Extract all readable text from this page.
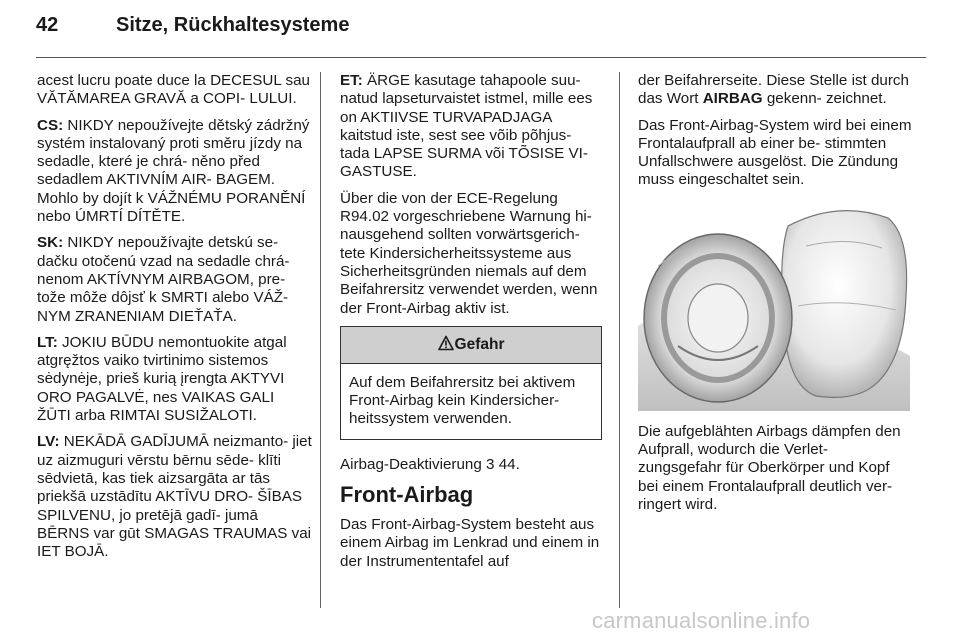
42	Sitze, Rückhaltesysteme

acest lucru poate duce la DECESUL sau VĂTĂMAREA GRAVĂ a COPI- LULUI.

CS: NIKDY nepoužívejte dětský zádržný systém instalovaný proti směru jízdy na sedadle, které je chrá- něno před sedadlem AKTIVNÍM AIR- BAGEM. Mohlo by dojít k VÁŽNÉMU PORANĚNÍ nebo ÚMRTÍ DÍTĚTE.

SK: NIKDY nepoužívajte detskú se- dačku otočenú vzad na sedadle chrá- nenom AKTÍVNYM AIRBAGOM, pre- tože môže dôjsť k SMRTI alebo VÁŽ- NYM ZRANENIAM DIEŤAŤA.

LT: JOKIU BŪDU nemontuokite atgal atgręžtos vaiko tvirtinimo sistemos sėdynėje, prieš kurią įrengta AKTYVI ORO PAGALVĖ, nes VAIKAS GALI ŽŪTI arba RIMTAI SUSIŽALOTI.

LV: NEKĀDĀ GADĪJUMĀ neizmanto- jiet uz aizmuguri vērstu bērnu sēde- klīti sēdvietā, kas tiek aizsargāta ar tās priekšā uzstādītu AKTĪVU DRO- ŠĪBAS SPILVENU, jo pretējā gadī- jumā BĒRNS var gūt SMAGAS TRAUMAS vai IET BOJĀ.

ET: ÄRGE kasutage tahapoole suu- natud lapseturvaistet istmel, mille ees on AKTIIVSE TURVAPADJAGA kaitstud iste, sest see võib põhjus- tada LAPSE SURMA või TÕSISE VI- GASTUSE.

Über die von der ECE-Regelung R94.02 vorgeschriebene Warnung hi- nausgehend sollten vorwärtsgerich- tete Kindersicherheitssysteme aus Sicherheitsgründen niemals auf dem Beifahrersitz verwendet werden, wenn der Front-Airbag aktiv ist.

Gefahr
Auf dem Beifahrersitz bei aktivem Front-Airbag kein Kindersicher- heitssystem verwenden.

Airbag-Deaktivierung 3 44.

Front-Airbag

Das Front-Airbag-System besteht aus einem Airbag im Lenkrad und einem in der Instrumententafel auf

der Beifahrerseite. Diese Stelle ist durch das Wort AIRBAG gekenn- zeichnet.

Das Front-Airbag-System wird bei einem Frontalaufprall ab einer be- stimmten Unfallschwere ausgelöst. Die Zündung muss eingeschaltet sein.

Die aufgeblähten Airbags dämpfen den Aufprall, wodurch die Verlet- zungsgefahr für Oberkörper und Kopf bei einem Frontalaufprall deutlich ver- ringert wird.

carmanualsonline.info
